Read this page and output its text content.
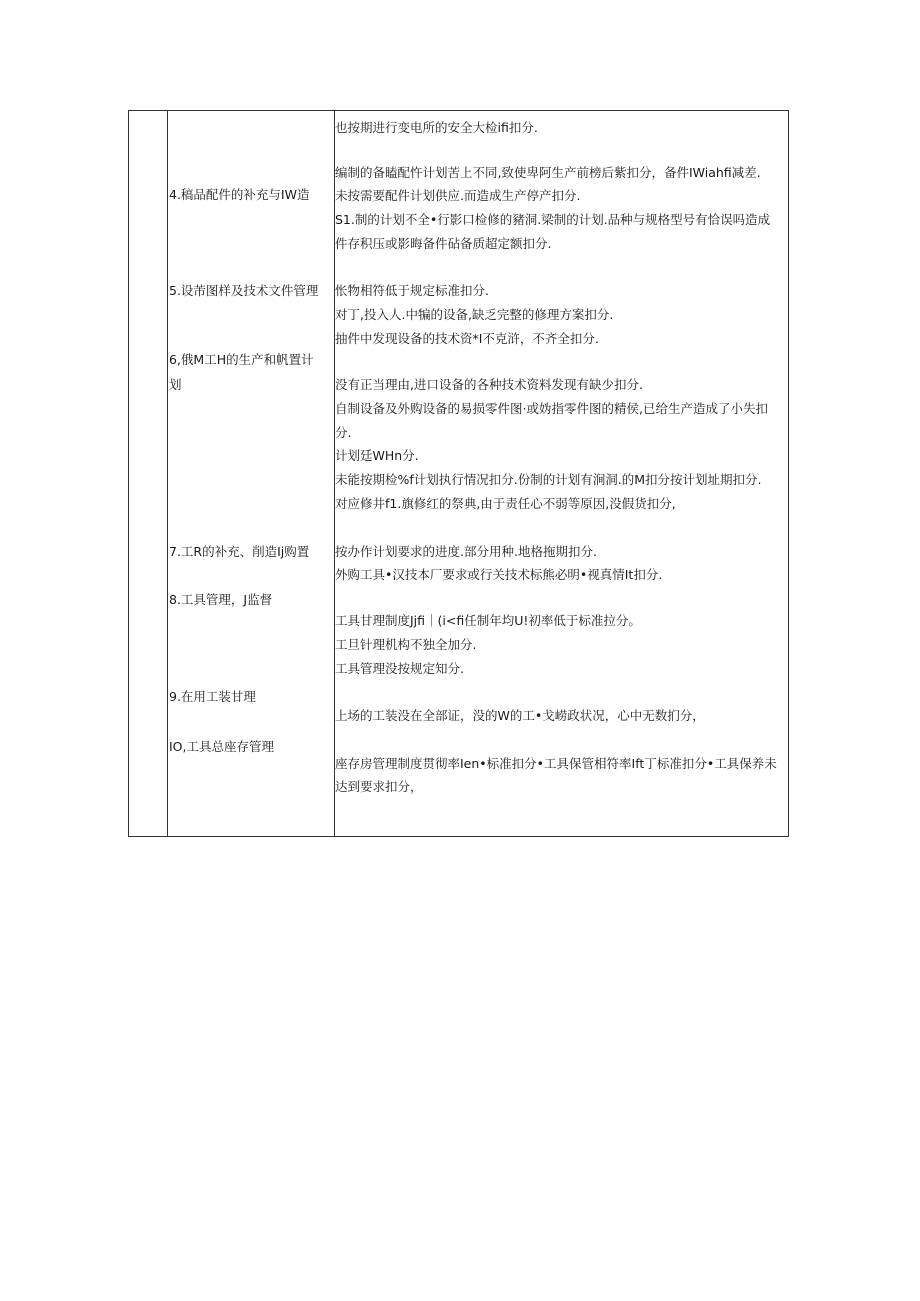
4.稿品配件的补充与IW造
5.设芾图样及技术文件管理
6,俄M工H的生产和帆置计
划
7.工R的补充、削造Ij购置
8.工具管理，J监督
9.在用工装甘理
IO,工具总座存管理
也按期进行变电所的安全大检ifi扣分.
编制的备瞌配忤计划苦上不同,致使卑阿生产前榜后紫扣分，备件IWiahfi减差.
未按需要配件计划供应.而造成生产停产扣分.
S1.制的计划不全•行影口检修的豬洞.梁制的计划.品种与规格型号有恰误吗造成
件存积压或影晦备件砧备质超定额扣分.
怅物相符低于规定标准扣分.
对丁,投入人.中犏的设备,缺乏完整的修理方案扣分.
抽件中发现设备的技术资*I不克浒，不齐全扣分.
没有正当理由,进口设备的各种技术资料发现有缺少扣分.
自制设备及外购设备的易损零件图·或妫指零件图的精侯,已给生产造成了小失扣
分.
计划廷WHn分.
未能按期检%f计划执行情况扣分.份制的计划有涧洞.的M扣分按计划址期扣分.
对应修井f1.旗修红的祭典,由于责任心不弱等原因,没假货扣分,
按办作计划要求的进度.部分用种.地格拖期扣分.
外购工具•汉技本厂要求或行关技术标熊必明•视真情It扣分.
工具甘理制度Jjfi｜(i<fi任制年均U!初率低于标准拉分。
工旦针理机构不独全加分.
工具管理没按规定知分.
上场的工装没在全部证，没的W的工•戈崂政状况，心中无数扪分，
座存房管理制度贯彻率Ien•标准扣分•工具保管相符率Ift丁标准扣分•工具保养未
达到要求扣分，
